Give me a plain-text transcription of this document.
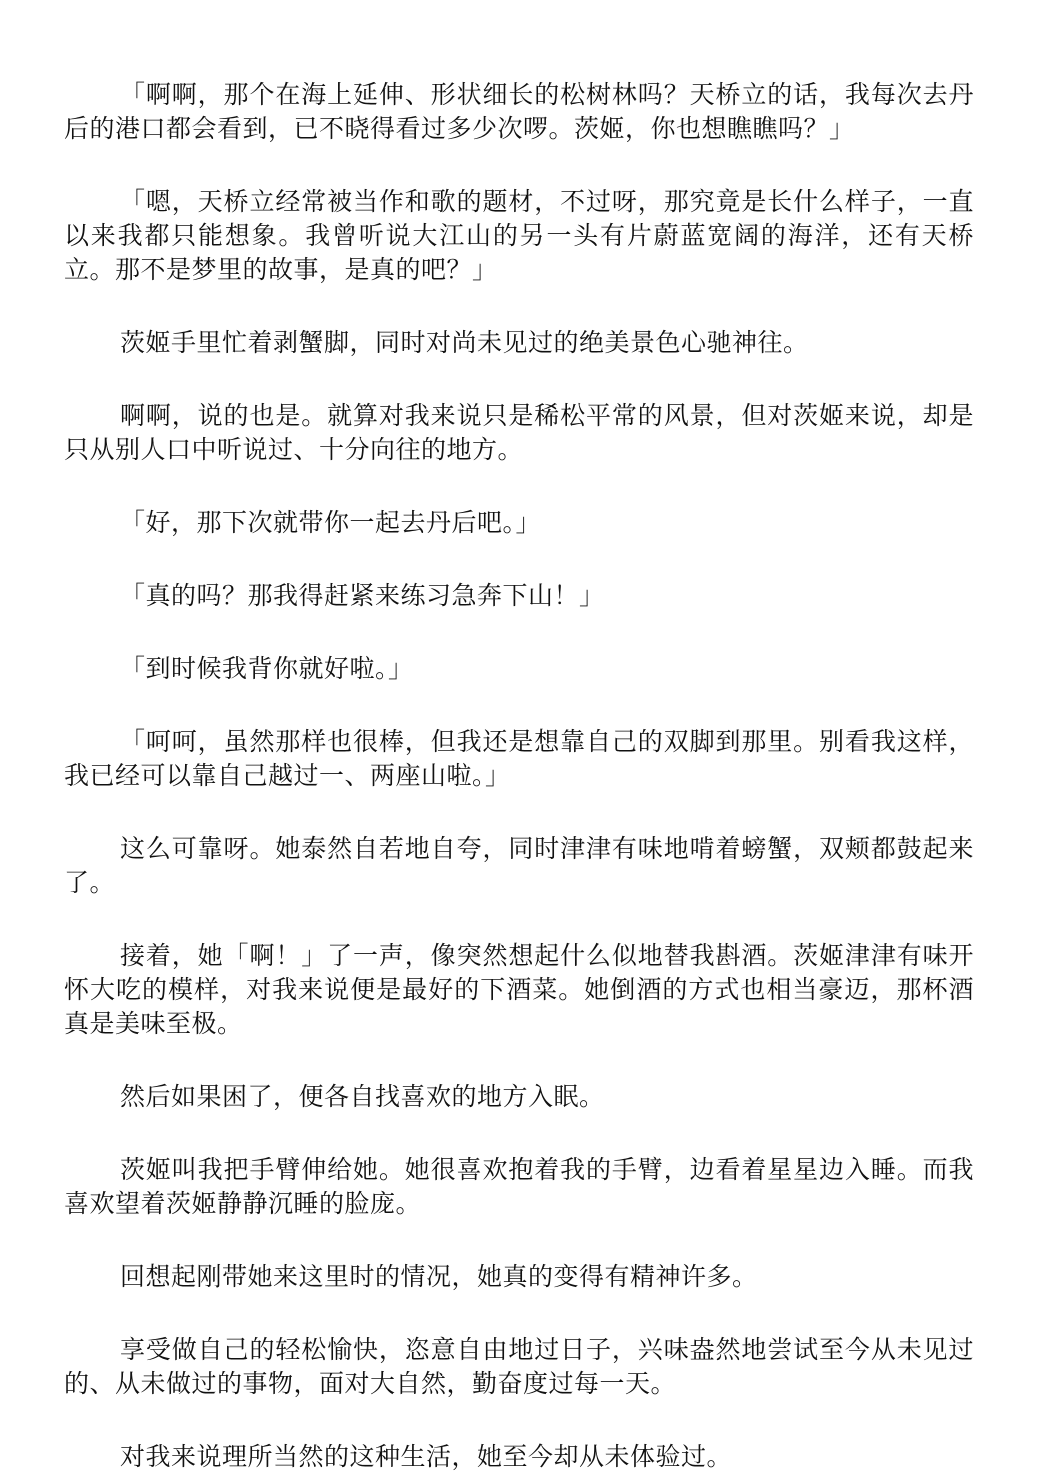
「啊啊，那个在海上延伸、形状细长的松树林吗？天桥立的话，我每次去丹后的港口都会看到，已不晓得看过多少次啰。茨姬，你也想瞧瞧吗？」

「嗯，天桥立经常被当作和歌的题材，不过呀，那究竟是长什么样子，一直以来我都只能想象。我曾听说大江山的另一头有片蔚蓝宽阔的海洋，还有天桥立。那不是梦里的故事，是真的吧？」

茨姬手里忙着剥蟹脚，同时对尚未见过的绝美景色心驰神往。

啊啊，说的也是。就算对我来说只是稀松平常的风景，但对茨姬来说，却是只从别人口中听说过、十分向往的地方。

「好，那下次就带你一起去丹后吧。」

「真的吗？那我得赶紧来练习急奔下山！」

「到时候我背你就好啦。」

「呵呵，虽然那样也很棒，但我还是想靠自己的双脚到那里。别看我这样，我已经可以靠自己越过一、两座山啦。」

这么可靠呀。她泰然自若地自夸，同时津津有味地啃着螃蟹，双颊都鼓起来了。

接着，她「啊！」了一声，像突然想起什么似地替我斟酒。茨姬津津有味开怀大吃的模样，对我来说便是最好的下酒菜。她倒酒的方式也相当豪迈，那杯酒真是美味至极。

然后如果困了，便各自找喜欢的地方入眠。

茨姬叫我把手臂伸给她。她很喜欢抱着我的手臂，边看着星星边入睡。而我喜欢望着茨姬静静沉睡的脸庞。

回想起刚带她来这里时的情况，她真的变得有精神许多。

享受做自己的轻松愉快，恣意自由地过日子，兴味盎然地尝试至今从未见过的、从未做过的事物，面对大自然，勤奋度过每一天。

对我来说理所当然的这种生活，她至今却从未体验过。
